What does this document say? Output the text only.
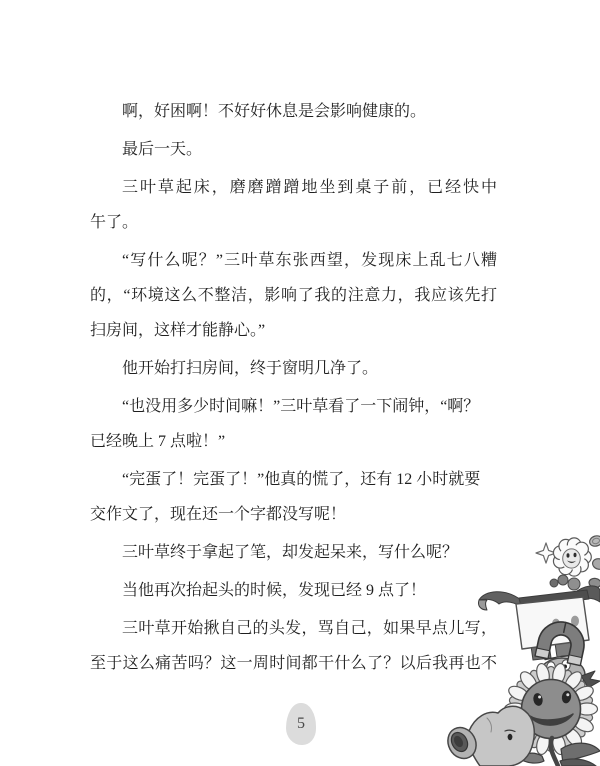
啊，好困啊！不好好休息是会影响健康的。

最后一天。

三叶草起床，磨磨蹭蹭地坐到桌子前，已经快中
午了。

“写什么呢？”三叶草东张西望，发现床上乱七八糟
的，“环境这么不整洁，影响了我的注意力，我应该先打
扫房间，这样才能静心。”

他开始打扫房间，终于窗明几净了。

“也没用多少时间嘛！”三叶草看了一下闹钟，“啊？
已经晚上 7 点啦！”

“完蛋了！完蛋了！”他真的慌了，还有 12 小时就要
交作文了，现在还一个字都没写呢！

三叶草终于拿起了笔，却发起呆来，写什么呢？

当他再次抬起头的时候，发现已经 9 点了！

三叶草开始揪自己的头发，骂自己，如果早点儿写，
至于这么痛苦吗？这一周时间都干什么了？以后我再也不

5
